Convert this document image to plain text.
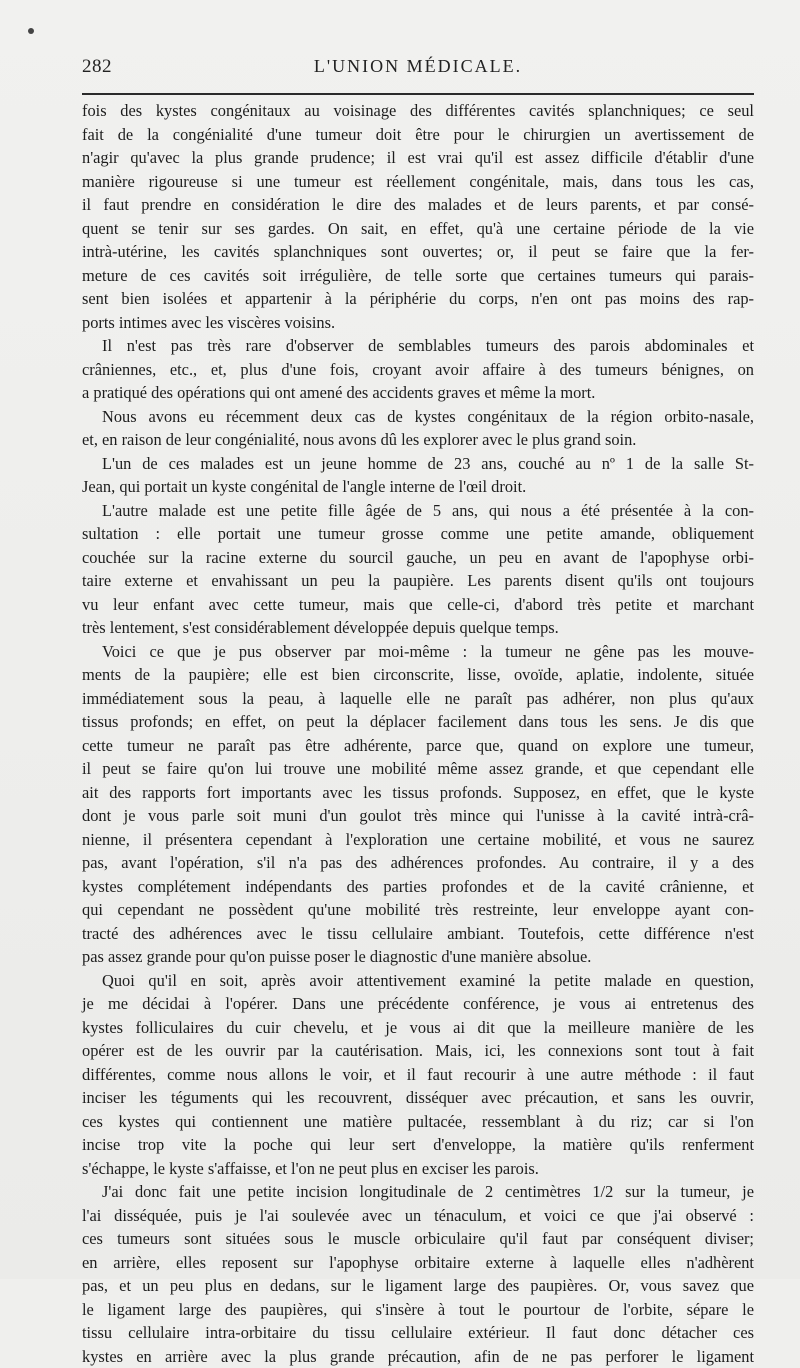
282	L'UNION MÉDICALE.
fois des kystes congénitaux au voisinage des différentes cavités splanchniques; ce seul
fait de la congénialité d'une tumeur doit être pour le chirurgien un avertissement de
n'agir qu'avec la plus grande prudence; il est vrai qu'il est assez difficile d'établir d'une
manière rigoureuse si une tumeur est réellement congénitale, mais, dans tous les cas,
il faut prendre en considération le dire des malades et de leurs parents, et par consé-
quent se tenir sur ses gardes. On sait, en effet, qu'à une certaine période de la vie
intrà-utérine, les cavités splanchniques sont ouvertes; or, il peut se faire que la fer-
meture de ces cavités soit irrégulière, de telle sorte que certaines tumeurs qui parais-
sent bien isolées et appartenir à la périphérie du corps, n'en ont pas moins des rap-
ports intimes avec les viscères voisins.
Il n'est pas très rare d'observer de semblables tumeurs des parois abdominales et
crâniennes, etc., et, plus d'une fois, croyant avoir affaire à des tumeurs bénignes, on
a pratiqué des opérations qui ont amené des accidents graves et même la mort.
Nous avons eu récemment deux cas de kystes congénitaux de la région orbito-nasale,
et, en raison de leur congénialité, nous avons dû les explorer avec le plus grand soin.
L'un de ces malades est un jeune homme de 23 ans, couché au nº 1 de la salle St-
Jean, qui portait un kyste congénital de l'angle interne de l'œil droit.
L'autre malade est une petite fille âgée de 5 ans, qui nous a été présentée à la con-
sultation : elle portait une tumeur grosse comme une petite amande, obliquement
couchée sur la racine externe du sourcil gauche, un peu en avant de l'apophyse orbi-
taire externe et envahissant un peu la paupière. Les parents disent qu'ils ont toujours
vu leur enfant avec cette tumeur, mais que celle-ci, d'abord très petite et marchant
très lentement, s'est considérablement développée depuis quelque temps.
Voici ce que je pus observer par moi-même : la tumeur ne gêne pas les mouve-
ments de la paupière; elle est bien circonscrite, lisse, ovoïde, aplatie, indolente, située
immédiatement sous la peau, à laquelle elle ne paraît pas adhérer, non plus qu'aux
tissus profonds; en effet, on peut la déplacer facilement dans tous les sens. Je dis que
cette tumeur ne paraît pas être adhérente, parce que, quand on explore une tumeur,
il peut se faire qu'on lui trouve une mobilité même assez grande, et que cependant elle
ait des rapports fort importants avec les tissus profonds. Supposez, en effet, que le kyste
dont je vous parle soit muni d'un goulot très mince qui l'unisse à la cavité intrà-crâ-
nienne, il présentera cependant à l'exploration une certaine mobilité, et vous ne saurez
pas, avant l'opération, s'il n'a pas des adhérences profondes. Au contraire, il y a des
kystes complétement indépendants des parties profondes et de la cavité crânienne, et
qui cependant ne possèdent qu'une mobilité très restreinte, leur enveloppe ayant con-
tracté des adhérences avec le tissu cellulaire ambiant. Toutefois, cette différence n'est
pas assez grande pour qu'on puisse poser le diagnostic d'une manière absolue.
Quoi qu'il en soit, après avoir attentivement examiné la petite malade en question,
je me décidai à l'opérer. Dans une précédente conférence, je vous ai entretenus des
kystes folliculaires du cuir chevelu, et je vous ai dit que la meilleure manière de les
opérer est de les ouvrir par la cautérisation. Mais, ici, les connexions sont tout à fait
différentes, comme nous allons le voir, et il faut recourir à une autre méthode : il faut
inciser les téguments qui les recouvrent, disséquer avec précaution, et sans les ouvrir,
ces kystes qui contiennent une matière pultacée, ressemblant à du riz; car si l'on
incise trop vite la poche qui leur sert d'enveloppe, la matière qu'ils renferment
s'échappe, le kyste s'affaisse, et l'on ne peut plus en exciser les parois.
J'ai donc fait une petite incision longitudinale de 2 centimètres 1/2 sur la tumeur, je
l'ai disséquée, puis je l'ai soulevée avec un ténaculum, et voici ce que j'ai observé :
ces tumeurs sont situées sous le muscle orbiculaire qu'il faut par conséquent diviser;
en arrière, elles reposent sur l'apophyse orbitaire externe à laquelle elles n'adhèrent
pas, et un peu plus en dedans, sur le ligament large des paupières. Or, vous savez que
le ligament large des paupières, qui s'insère à tout le pourtour de l'orbite, sépare le
tissu cellulaire intra-orbitaire du tissu cellulaire extérieur. Il faut donc détacher ces
kystes en arrière avec la plus grande précaution, afin de ne pas perforer le ligament
